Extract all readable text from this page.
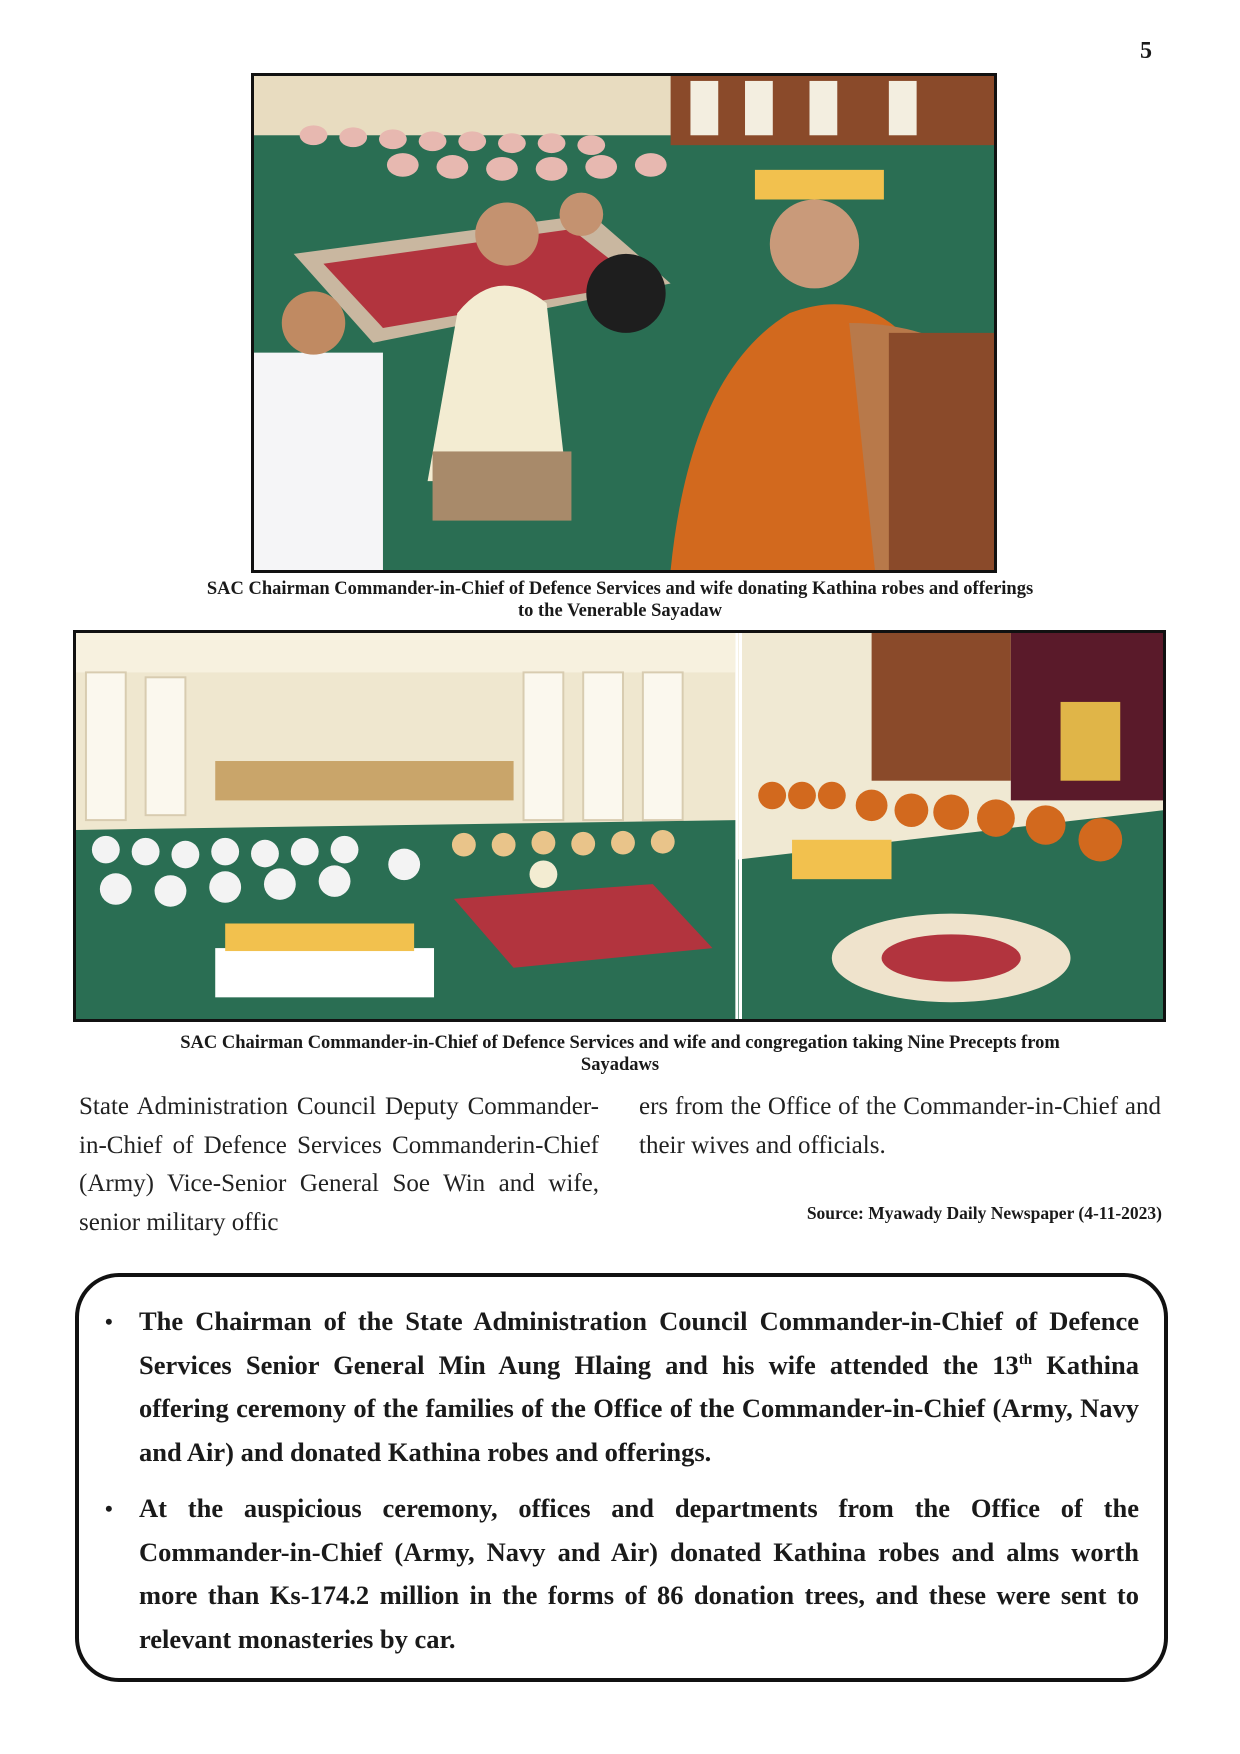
5
SAC Chairman Commander-in-Chief of Defence Services and wife donating Kathina robes and offerings
to the Venerable Sayadaw
SAC Chairman Commander-in-Chief of Defence Services and wife and congregation taking Nine Precepts from
Sayadaws
State Administration Council Deputy Commander-in-Chief of Defence Services Commanderin-Chief (Army) Vice-Senior General Soe Win and wife, senior military offic
ers from the Office of the Commander-in-Chief and their wives and officials.
Source: Myawady Daily Newspaper (4-11-2023)
• The Chairman of the State Administration Council Commander-in-Chief of Defence Services Senior General Min Aung Hlaing and his wife attended the 13th Kathina offering ceremony of the families of the Office of the Commander-in-Chief (Army, Navy and Air) and donated Kathina robes and offerings.
• At the auspicious ceremony, offices and departments from the Office of the Commander-in-Chief (Army, Navy and Air) donated Kathina robes and alms worth more than Ks-174.2 million in the forms of 86 donation trees, and these were sent to relevant monasteries by car.
